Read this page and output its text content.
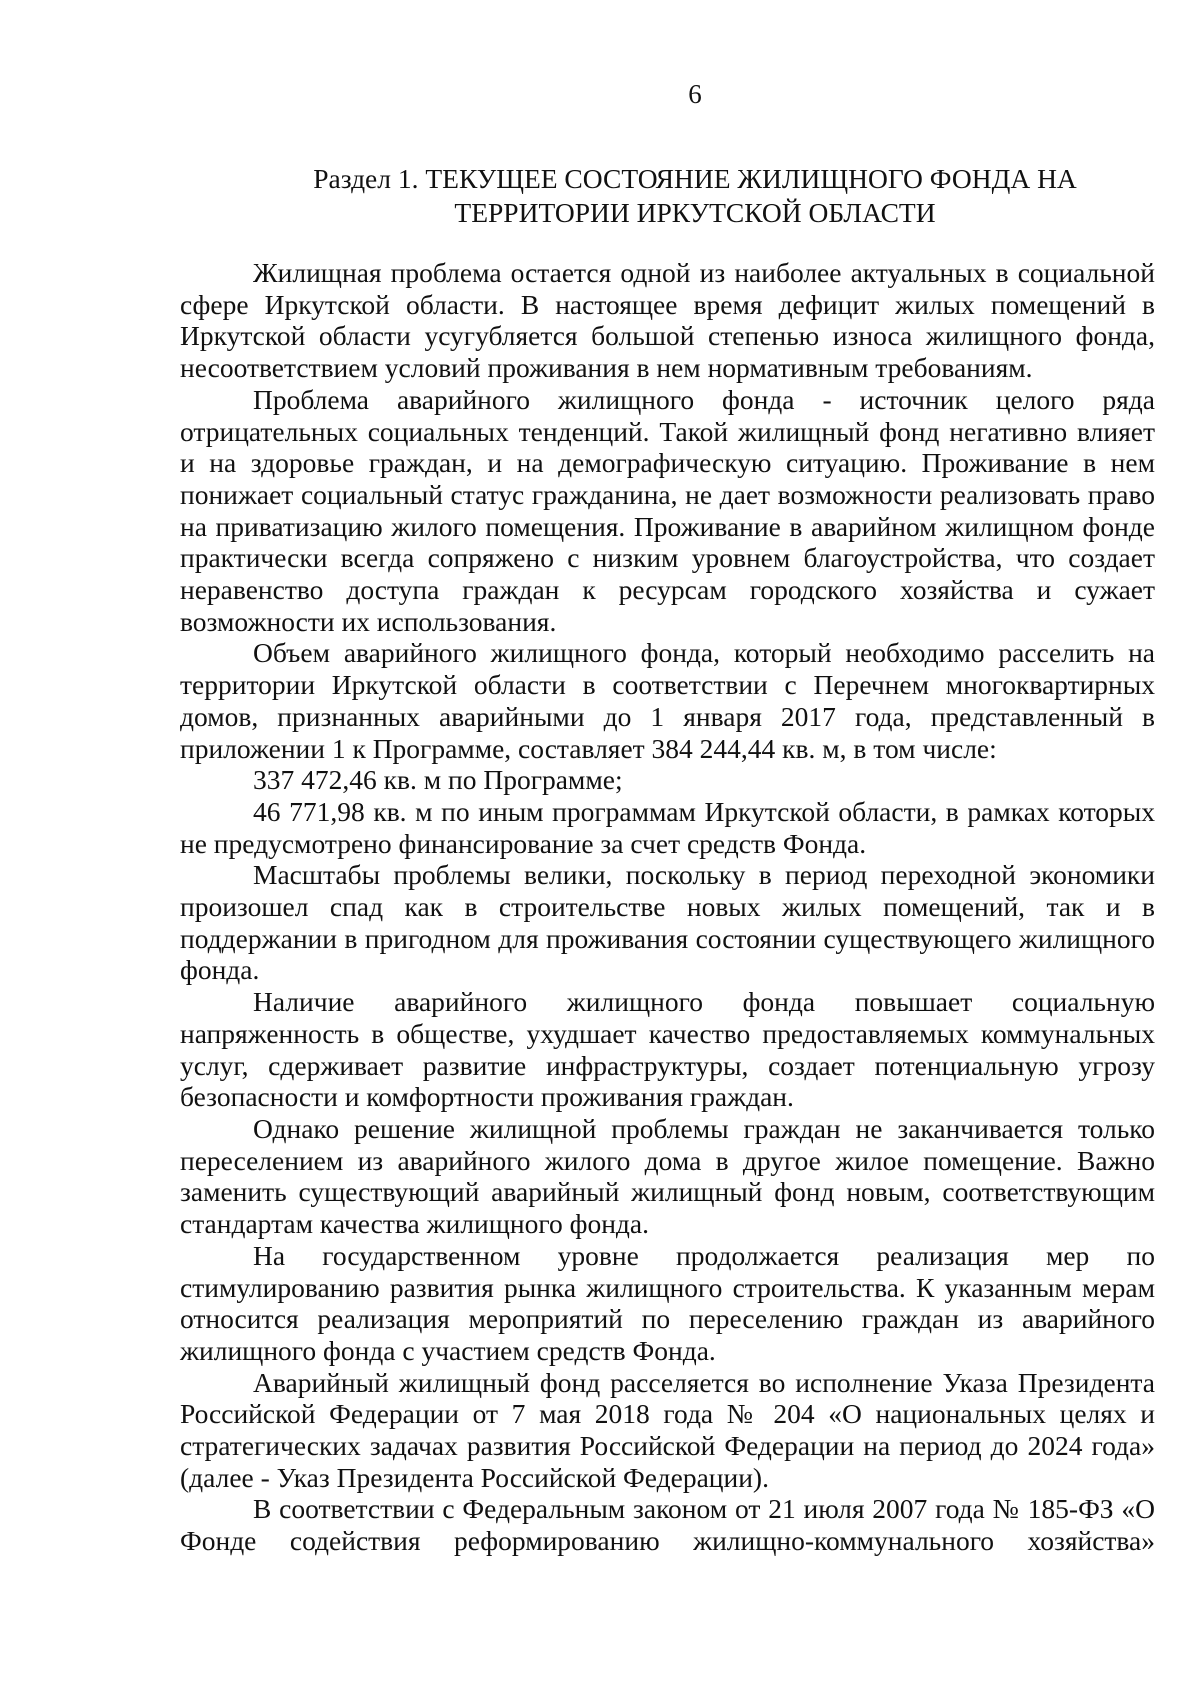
6
Раздел 1. ТЕКУЩЕЕ СОСТОЯНИЕ ЖИЛИЩНОГО ФОНДА НА
ТЕРРИТОРИИ ИРКУТСКОЙ ОБЛАСТИ

Жилищная проблема остается одной из наиболее актуальных в социальной сфере Иркутской области. В настоящее время дефицит жилых помещений в Иркутской области усугубляется большой степенью износа жилищного фонда, несоответствием условий проживания в нем нормативным требованиям.

Проблема аварийного жилищного фонда - источник целого ряда отрицательных социальных тенденций. Такой жилищный фонд негативно влияет и на здоровье граждан, и на демографическую ситуацию. Проживание в нем понижает социальный статус гражданина, не дает возможности реализовать право на приватизацию жилого помещения. Проживание в аварийном жилищном фонде практически всегда сопряжено с низким уровнем благоустройства, что создает неравенство доступа граждан к ресурсам городского хозяйства и сужает возможности их использования.

Объем аварийного жилищного фонда, который необходимо расселить на территории Иркутской области в соответствии с Перечнем многоквартирных домов, признанных аварийными до 1 января 2017 года, представленный в приложении 1 к Программе, составляет 384 244,44 кв. м, в том числе:

337 472,46 кв. м по Программе;

46 771,98 кв. м по иным программам Иркутской области, в рамках которых не предусмотрено финансирование за счет средств Фонда.

Масштабы проблемы велики, поскольку в период переходной экономики произошел спад как в строительстве новых жилых помещений, так и в поддержании в пригодном для проживания состоянии существующего жилищного фонда.

Наличие аварийного жилищного фонда повышает социальную напряженность в обществе, ухудшает качество предоставляемых коммунальных услуг, сдерживает развитие инфраструктуры, создает потенциальную угрозу безопасности и комфортности проживания граждан.

Однако решение жилищной проблемы граждан не заканчивается только переселением из аварийного жилого дома в другое жилое помещение. Важно заменить существующий аварийный жилищный фонд новым, соответствующим стандартам качества жилищного фонда.

На государственном уровне продолжается реализация мер по стимулированию развития рынка жилищного строительства. К указанным мерам относится реализация мероприятий по переселению граждан из аварийного жилищного фонда с участием средств Фонда.

Аварийный жилищный фонд расселяется во исполнение Указа Президента Российской Федерации от 7 мая 2018 года № 204 «О национальных целях и стратегических задачах развития Российской Федерации на период до 2024 года» (далее - Указ Президента Российской Федерации).

В соответствии с Федеральным законом от 21 июля 2007 года № 185-ФЗ «О Фонде содействия реформированию жилищно-коммунального хозяйства»
